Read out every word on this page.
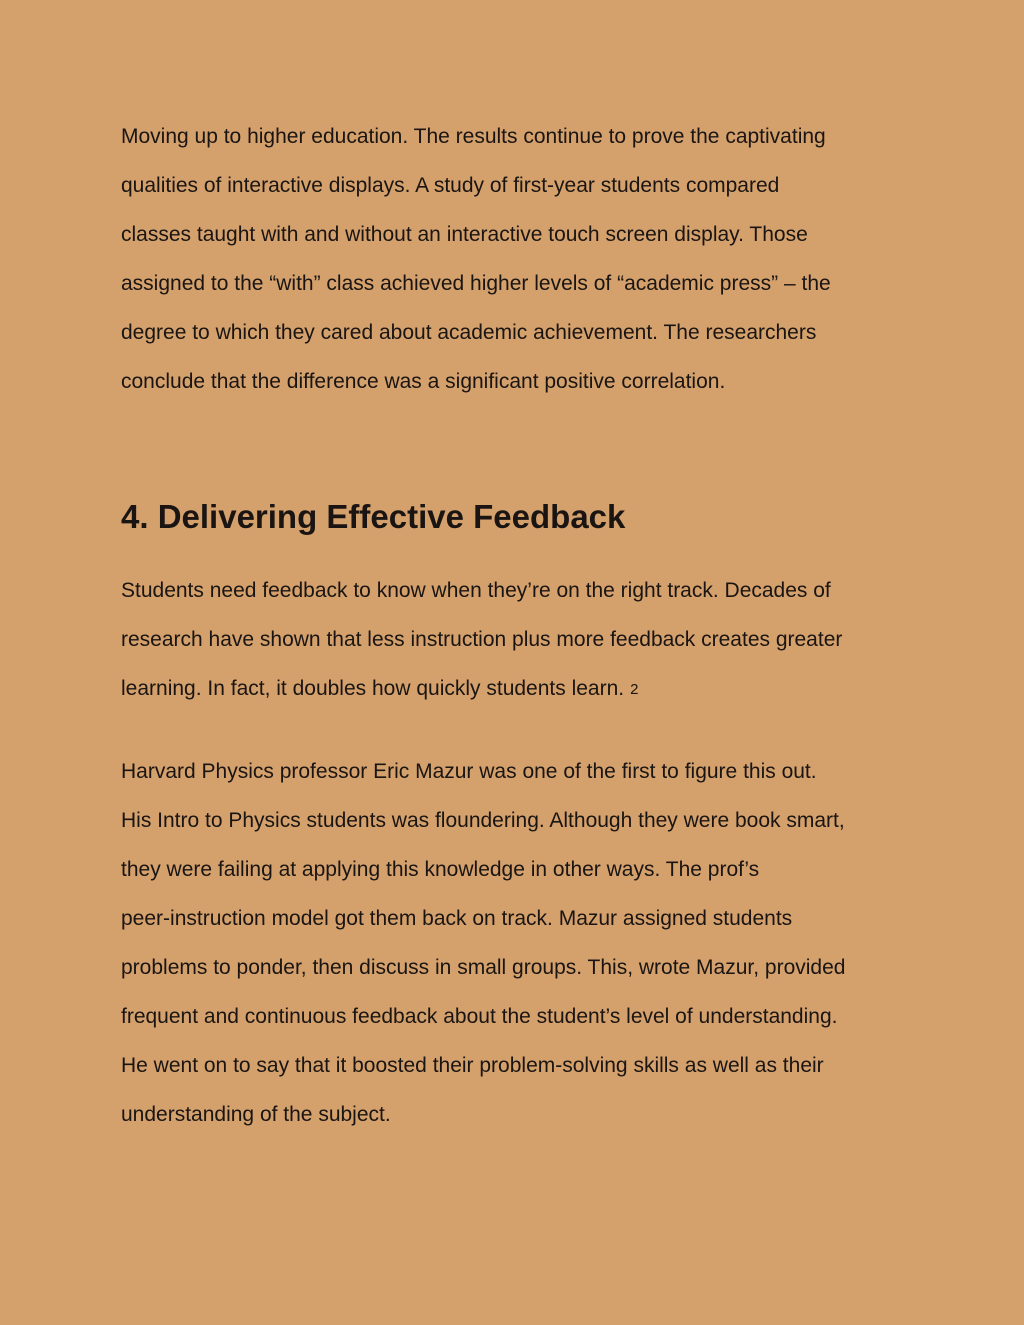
Moving up to higher education. The results continue to prove the captivating
qualities of interactive displays. A study of first-year students compared
classes taught with and without an interactive touch screen display. Those
assigned to the “with” class achieved higher levels of “academic press” – the
degree to which they cared about academic achievement. The researchers
conclude that the difference was a significant positive correlation.

4. Delivering Effective Feedback

Students need feedback to know when they’re on the right track. Decades of
research have shown that less instruction plus more feedback creates greater
learning. In fact, it doubles how quickly students learn. 2

Harvard Physics professor Eric Mazur was one of the first to figure this out.
His Intro to Physics students was floundering. Although they were book smart,
they were failing at applying this knowledge in other ways. The prof’s
peer-instruction model got them back on track. Mazur assigned students
problems to ponder, then discuss in small groups. This, wrote Mazur, provided
frequent and continuous feedback about the student’s level of understanding.
He went on to say that it boosted their problem-solving skills as well as their
understanding of the subject.
